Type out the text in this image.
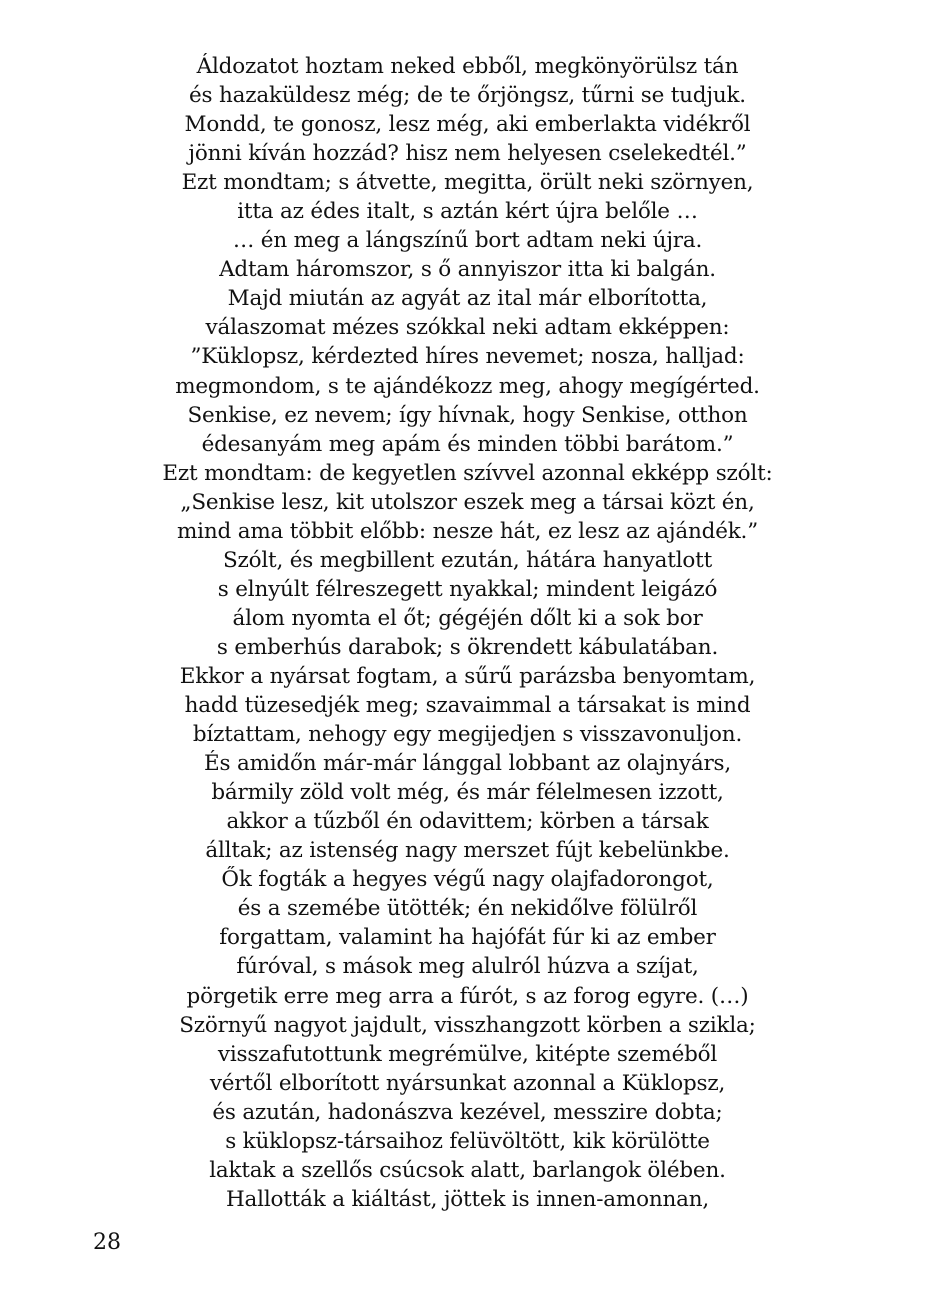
Áldozatot hoztam neked ebből, megkönyörülsz tán
és hazaküldesz még; de te őrjöngsz, tűrni se tudjuk.
Mondd, te gonosz, lesz még, aki emberlakta vidékről
jönni kíván hozzád? hisz nem helyesen cselekedtél.”
Ezt mondtam; s átvette, megitta, örült neki szörnyen,
itta az édes italt, s aztán kért újra belőle …
… én meg a lángszínű bort adtam neki újra.
Adtam háromszor, s ő annyiszor itta ki balgán.
Majd miután az agyát az ital már elborította,
válaszomat mézes szókkal neki adtam ekképpen:
”Küklopsz, kérdezted híres nevemet; nosza, halljad:
megmondom, s te ajándékozz meg, ahogy megígérted.
Senkise, ez nevem; így hívnak, hogy Senkise, otthon
édesanyám meg apám és minden többi barátom.”
Ezt mondtam: de kegyetlen szívvel azonnal ekképp szólt:
„Senkise lesz, kit utolszor eszek meg a társai közt én,
mind ama többit előbb: nesze hát, ez lesz az ajándék.”
Szólt, és megbillent ezután, hátára hanyatlott
s elnyúlt félreszegett nyakkal; mindent leigázó
álom nyomta el őt; gégéjén dőlt ki a sok bor
s emberhús darabok; s ökrendett kábulatában.
Ekkor a nyársat fogtam, a sűrű parázsba benyomtam,
hadd tüzesedjék meg; szavaimmal a társakat is mind
bíztattam, nehogy egy megijedjen s visszavonuljon.
És amidőn már-már lánggal lobbant az olajnyárs,
bármily zöld volt még, és már félelmesen izzott,
akkor a tűzből én odavittem; körben a társak
álltak; az istenség nagy merszet fújt kebelünkbe.
Ők fogták a hegyes végű nagy olajfadorongot,
és a szemébe ütötték; én nekidőlve fölülről
forgattam, valamint ha hajófát fúr ki az ember
fúróval, s mások meg alulról húzva a szíjat,
pörgetik erre meg arra a fúrót, s az forog egyre. (…)
Szörnyű nagyot jajdult, visszhangzott körben a szikla;
visszafutottunk megrémülve, kitépte szeméből
vértől elborított nyársunkat azonnal a Küklopsz,
és azután, hadonászva kezével, messzire dobta;
s küklopsz-társaihoz felüvöltött, kik körülötte
laktak a szellős csúcsok alatt, barlangok ölében.
Hallották a kiáltást, jöttek is innen-amonnan,
28
